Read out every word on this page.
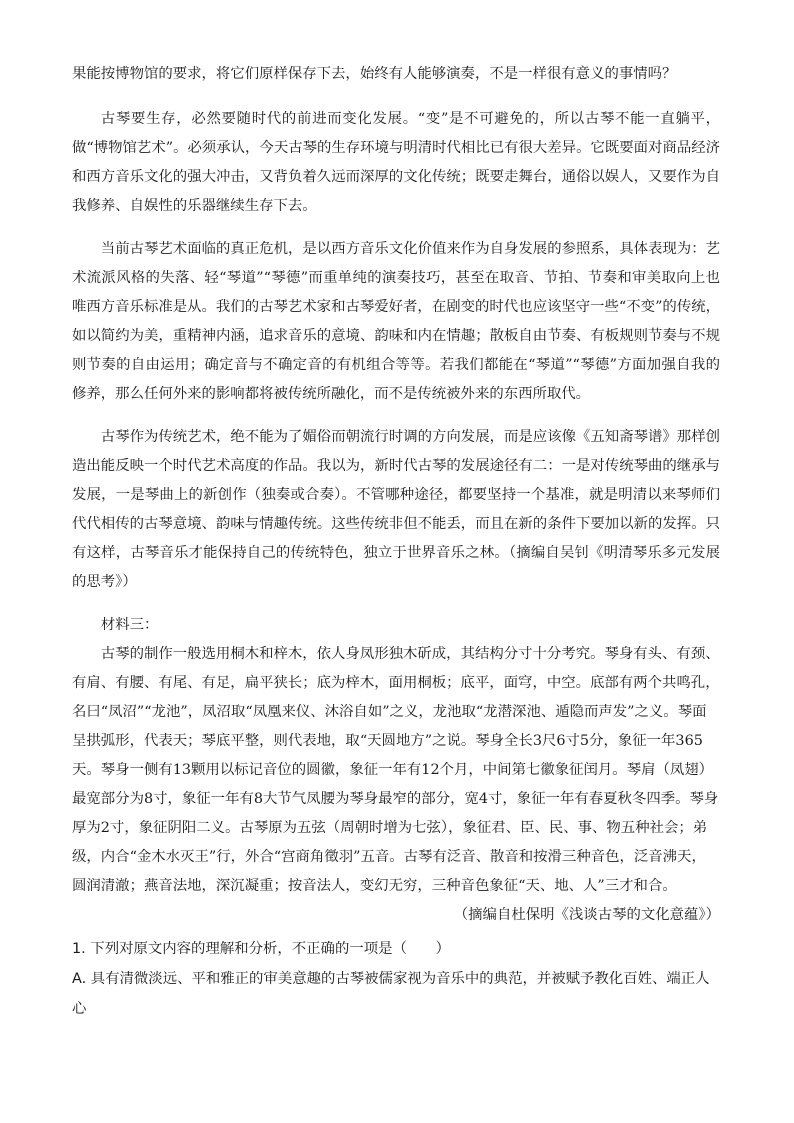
果能按博物馆的要求，将它们原样保存下去，始终有人能够演奏，不是一样很有意义的事情吗？

古琴要生存，必然要随时代的前进而变化发展。“变”是不可避免的，所以古琴不能一直躺平，做“博物馆艺术”。必须承认，今天古琴的生存环境与明清时代相比已有很大差异。它既要面对商品经济和西方音乐文化的强大冲击，又背负着久远而深厚的文化传统；既要走舞台，通俗以娱人，又要作为自我修养、自娱性的乐器继续生存下去。

当前古琴艺术面临的真正危机，是以西方音乐文化价值来作为自身发展的参照系，具体表现为：艺术流派风格的失落、轻“琴道”“琴德”而重单纯的演奏技巧，甚至在取音、节拍、节奏和审美取向上也唯西方音乐标准是从。我们的古琴艺术家和古琴爱好者，在剧变的时代也应该坚守一些“不变”的传统，如以简约为美，重精神内涵，追求音乐的意境、韵味和内在情趣；散板自由节奏、有板规则节奏与不规则节奏的自由运用；确定音与不确定音的有机组合等等。若我们都能在“琴道”“琴德”方面加强自我的修养，那么任何外来的影响都将被传统所融化，而不是传统被外来的东西所取代。

古琴作为传统艺术，绝不能为了媚俗而朝流行时调的方向发展，而是应该像《五知斋琴谱》那样创造出能反映一个时代艺术高度的作品。我以为，新时代古琴的发展途径有二：一是对传统琴曲的继承与发展，一是琴曲上的新创作（独奏或合奏）。不管哪种途径，都要坚持一个基准，就是明清以来琴师们代代相传的古琴意境、韵味与情趣传统。这些传统非但不能丢，而且在新的条件下要加以新的发挥。只有这样，古琴音乐才能保持自己的传统特色，独立于世界音乐之林。（摘编自吴钊《明清琴乐多元发展的思考》）

材料三：

古琴的制作一般选用桐木和梓木，依人身凤形独木斫成，其结构分寸十分考究。琴身有头、有颈、有肩、有腰、有尾、有足，扁平狭长；底为梓木，面用桐板；底平，面穹，中空。底部有两个共鸣孔，名曰“凤沼”“龙池”，凤沼取“凤凰来仪、沐浴自如”之义，龙池取“龙潜深池、遁隐而声发”之义。琴面呈拱弧形，代表天；琴底平整，则代表地，取“天圆地方”之说。琴身全长3尺6寸5分，象征一年365天。琴身一侧有13颗用以标记音位的圆徽，象征一年有12个月，中间第七徽象征闰月。琴肩（凤翅）最宽部分为8寸，象征一年有8大节气凤腰为琴身最窄的部分，宽4寸，象征一年有春夏秋冬四季。琴身厚为2寸，象征阴阳二义。古琴原为五弦（周朝时增为七弦），象征君、臣、民、事、物五种社会；弟级，内合“金木水灭王”行，外合“宫商角徵羽”五音。古琴有泛音、散音和按滑三种音色，泛音沸天，圆润清澈；燕音法地，深沉凝重；按音法人，变幻无穷，三种音色象征“天、地、人”三才和合。

（摘编自杜保明《浅谈古琴的文化意蕴》）

1. 下列对原文内容的理解和分析，不正确的一项是（　　）

A. 具有清微淡远、平和雅正的审美意趣的古琴被儒家视为音乐中的典范，并被赋予教化百姓、端正人心
